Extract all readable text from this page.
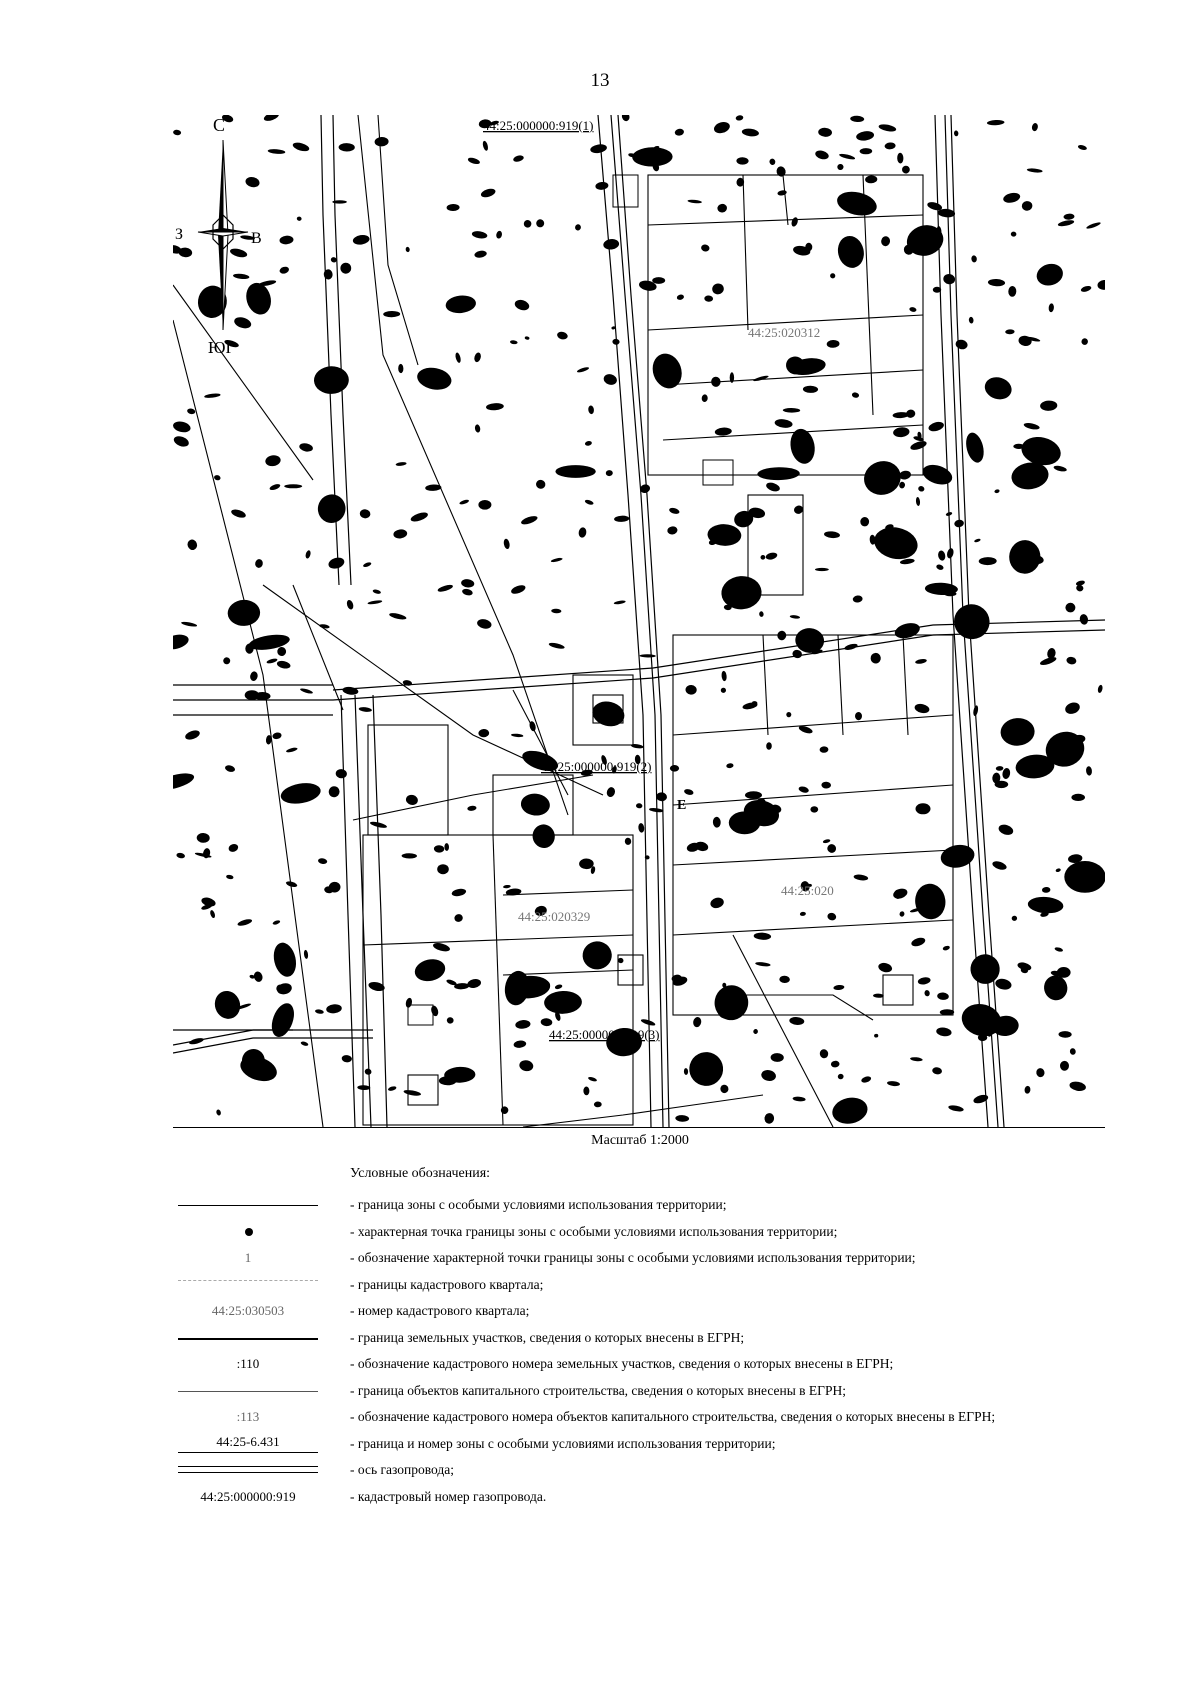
13
С
З	В
ЮГ
44:25:000000:919(1)
44:25:000000:919(2)
44:25:000000:919(3)
44:25:020312
44:25:020329
44:25:020
E
Масштаб 1:2000
Условные обозначения:
- граница зоны с особыми условиями использования территории;
- характерная точка границы зоны с особыми условиями использования территории;
1	- обозначение характерной точки границы зоны с особыми условиями использования территории;
- границы кадастрового квартала;
44:25:030503	- номер кадастрового квартала;
- граница земельных участков, сведения о которых внесены в ЕГРН;
:110	- обозначение кадастрового номера земельных участков, сведения о которых внесены в ЕГРН;
- граница объектов капитального строительства, сведения о которых внесены в ЕГРН;
:113	- обозначение кадастрового номера объектов капитального строительства, сведения о которых внесены в ЕГРН;
44:25-6.431	- граница и номер зоны с особыми условиями использования территории;
- ось газопровода;
44:25:000000:919	- кадастровый номер газопровода.
